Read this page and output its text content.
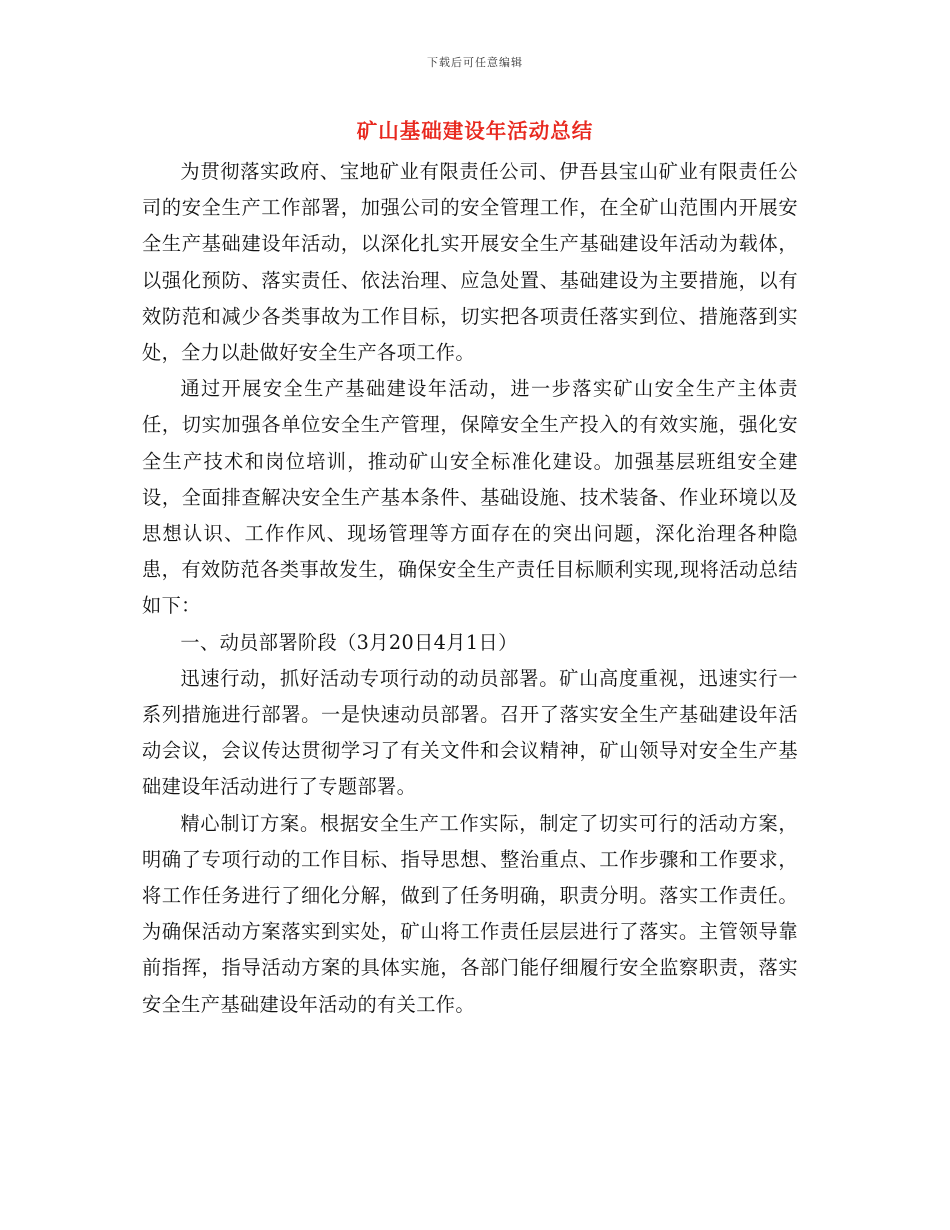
下载后可任意编辑
矿山基础建设年活动总结

为贯彻落实政府、宝地矿业有限责任公司、伊吾县宝山矿业有限责任公司的安全生产工作部署，加强公司的安全管理工作，在全矿山范围内开展安全生产基础建设年活动，以深化扎实开展安全生产基础建设年活动为载体，以强化预防、落实责任、依法治理、应急处置、基础建设为主要措施，以有效防范和减少各类事故为工作目标，切实把各项责任落实到位、措施落到实处，全力以赴做好安全生产各项工作。

通过开展安全生产基础建设年活动，进一步落实矿山安全生产主体责任，切实加强各单位安全生产管理，保障安全生产投入的有效实施，强化安全生产技术和岗位培训，推动矿山安全标准化建设。加强基层班组安全建设，全面排查解决安全生产基本条件、基础设施、技术装备、作业环境以及思想认识、工作作风、现场管理等方面存在的突出问题，深化治理各种隐患，有效防范各类事故发生，确保安全生产责任目标顺利实现,现将活动总结如下：

一、动员部署阶段（3月20日4月1日）

迅速行动，抓好活动专项行动的动员部署。矿山高度重视，迅速实行一系列措施进行部署。一是快速动员部署。召开了落实安全生产基础建设年活动会议，会议传达贯彻学习了有关文件和会议精神，矿山领导对安全生产基础建设年活动进行了专题部署。

精心制订方案。根据安全生产工作实际，制定了切实可行的活动方案，明确了专项行动的工作目标、指导思想、整治重点、工作步骤和工作要求，将工作任务进行了细化分解，做到了任务明确，职责分明。落实工作责任。为确保活动方案落实到实处，矿山将工作责任层层进行了落实。主管领导靠前指挥，指导活动方案的具体实施，各部门能仔细履行安全监察职责，落实安全生产基础建设年活动的有关工作。
